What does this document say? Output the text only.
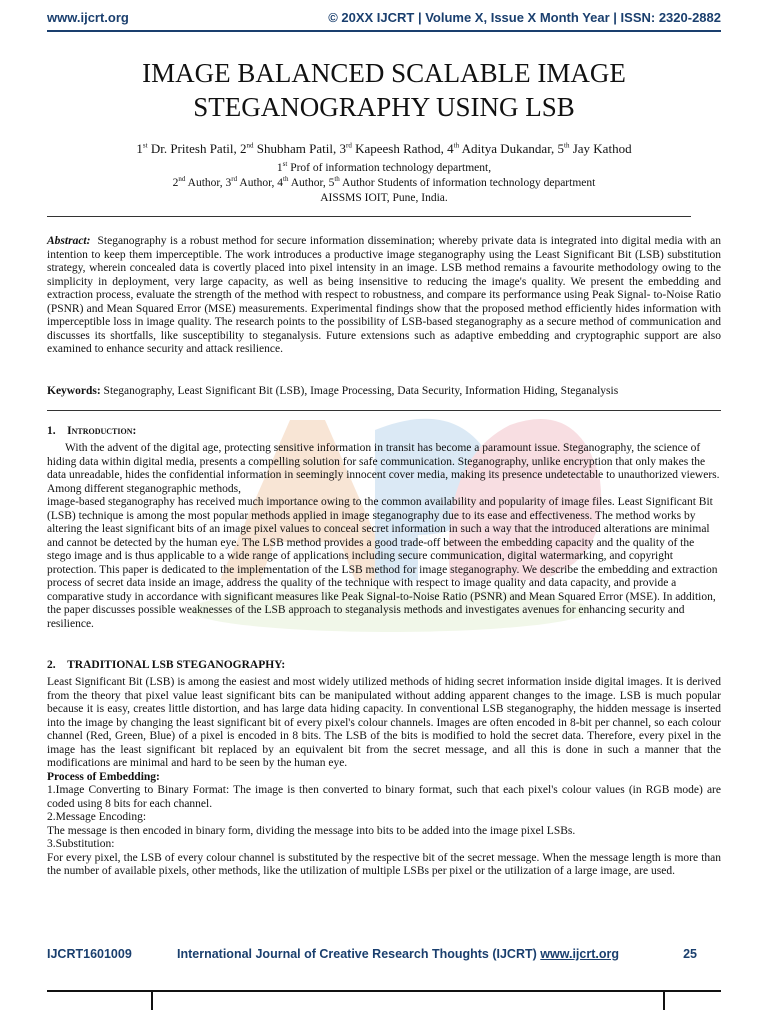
www.ijcrt.org	© 20XX IJCRT | Volume X, Issue X Month Year | ISSN: 2320-2882
IMAGE BALANCED SCALABLE IMAGE
STEGANOGRAPHY USING LSB
1st Dr. Pritesh Patil, 2nd Shubham Patil, 3rd Kapeesh Rathod, 4th Aditya Dukandar, 5th Jay Kathod
1st Prof of information technology department,
2nd Author, 3rd Author, 4th Author, 5th Author Students of information technology department
AISSMS IOIT, Pune, India.

Abstract: Steganography is a robust method for secure information dissemination; whereby private data is integrated into digital media with an intention to keep them imperceptible. The work introduces a productive image steganography using the Least Significant Bit (LSB) substitution strategy, wherein concealed data is covertly placed into pixel intensity in an image. LSB method remains a favourite methodology owing to the simplicity in deployment, very large capacity, as well as being insensitive to reducing the image's quality. We present the embedding and extraction process, evaluate the strength of the method with respect to robustness, and compare its performance using Peak Signal- to-Noise Ratio (PSNR) and Mean Squared Error (MSE) measurements. Experimental findings show that the proposed method efficiently hides information with imperceptible loss in image quality. The research points to the possibility of LSB-based steganography as a secure method of communication and discusses its shortfalls, like susceptibility to steganalysis. Future extensions such as adaptive embedding and cryptographic support are also examined to enhance security and attack resilience.

Keywords: Steganography, Least Significant Bit (LSB), Image Processing, Data Security, Information Hiding, Steganalysis

1. Introduction:

With the advent of the digital age, protecting sensitive information in transit has become a paramount issue. Steganography, the science of hiding data within digital media, presents a compelling solution for safe communication. Steganography, unlike encryption that only makes the data unreadable, hides the confidential information in seemingly innocent cover media, making its presence undetectable to unauthorized viewers. Among different steganographic methods,

image-based steganography has received much importance owing to the common availability and popularity of image files. Least Significant Bit (LSB) technique is among the most popular methods applied in image steganography due to its ease and effectiveness. The method works by altering the least significant bits of an image pixel values to conceal secret information in such a way that the introduced alterations are minimal and cannot be detected by the human eye. The LSB method provides a good trade-off between the embedding capacity and the quality of the stego image and is thus applicable to a wide range of applications including secure communication, digital watermarking, and copyright protection. This paper is dedicated to the implementation of the LSB method for image steganography. We describe the embedding and extraction process of secret data inside an image, address the quality of the technique with respect to image quality and data capacity, and provide a comparative study in accordance with significant measures like Peak Signal-to-Noise Ratio (PSNR) and Mean Squared Error (MSE). In addition, the paper discusses possible weaknesses of the LSB approach to steganalysis methods and investigates avenues for enhancing security and resilience.

2. TRADITIONAL LSB STEGANOGRAPHY:

Least Significant Bit (LSB) is among the easiest and most widely utilized methods of hiding secret information inside digital images. It is derived from the theory that pixel value least significant bits can be manipulated without adding apparent changes to the image. LSB is much popular because it is easy, creates little distortion, and has large data hiding capacity. In conventional LSB steganography, the hidden message is inserted into the image by changing the least significant bit of every pixel's colour channels. Images are often encoded in 8-bit per channel, so each colour channel (Red, Green, Blue) of a pixel is encoded in 8 bits. The LSB of the bits is modified to hold the secret data. Therefore, every pixel in the image has the least significant bit replaced by an equivalent bit from the secret message, and all this is done in such a manner that the modifications are minimal and hard to be seen by the human eye.

Process of Embedding:

1.Image Converting to Binary Format: The image is then converted to binary format, such that each pixel's colour values (in RGB mode) are coded using 8 bits for each channel.

2.Message Encoding:

The message is then encoded in binary form, dividing the message into bits to be added into the image pixel LSBs.

3.Substitution:

For every pixel, the LSB of every colour channel is substituted by the respective bit of the secret message. When the message length is more than the number of available pixels, other methods, like the utilization of multiple LSBs per pixel or the utilization of a large image, are used.

IJCRT1601009	International Journal of Creative Research Thoughts (IJCRT) www.ijcrt.org	25
